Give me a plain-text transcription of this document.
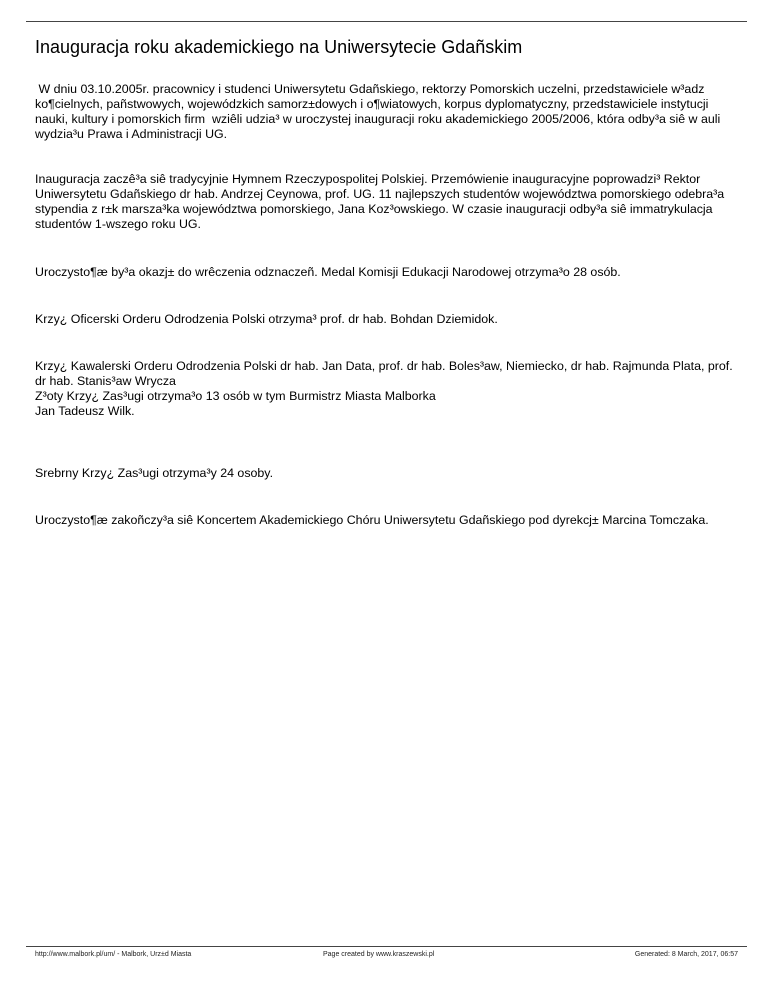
Inauguracja roku akademickiego na Uniwersytecie Gdañskim

W dniu 03.10.2005r. pracownicy i studenci Uniwersytetu Gdañskiego, rektorzy Pomorskich uczelni, przedstawiciele w³adz ko¶cielnych, pañstwowych, wojewódzkich samorz±dowych i o¶wiatowych, korpus dyplomatyczny, przedstawiciele instytucji nauki, kultury i pomorskich firm  wziêli udzia³ w uroczystej inauguracji roku akademickiego 2005/2006, która odby³a siê w auli wydzia³u Prawa i Administracji UG.

Inauguracja zaczê³a siê tradycyjnie Hymnem Rzeczypospolitej Polskiej. Przemówienie inauguracyjne poprowadzi³ Rektor Uniwersytetu Gdañskiego dr hab. Andrzej Ceynowa, prof. UG. 11 najlepszych studentów województwa pomorskiego odebra³a stypendia z r±k marsza³ka województwa pomorskiego, Jana Koz³owskiego. W czasie inauguracji odby³a siê immatrykulacja studentów 1-wszego roku UG.

Uroczysto¶æ by³a okazj± do wrêczenia odznaczeñ. Medal Komisji Edukacji Narodowej otrzyma³o 28 osób.

Krzy¿ Oficerski Orderu Odrodzenia Polski otrzyma³ prof. dr hab. Bohdan Dziemidok.

Krzy¿ Kawalerski Orderu Odrodzenia Polski dr hab. Jan Data, prof. dr hab. Boles³aw, Niemiecko, dr hab. Rajmunda Plata, prof. dr hab. Stanis³aw Wrycza
Z³oty Krzy¿ Zas³ugi otrzyma³o 13 osób w tym Burmistrz Miasta Malborka
Jan Tadeusz Wilk.

Srebrny Krzy¿ Zas³ugi otrzyma³y 24 osoby.

Uroczysto¶æ zakoñczy³a siê Koncertem Akademickiego Chóru Uniwersytetu Gdañskiego pod dyrekcj± Marcina Tomczaka.

http://www.malbork.pl/um/ - Malbork, Urz±d Miasta	Page created by www.kraszewski.pl	Generated: 8 March, 2017, 06:57
